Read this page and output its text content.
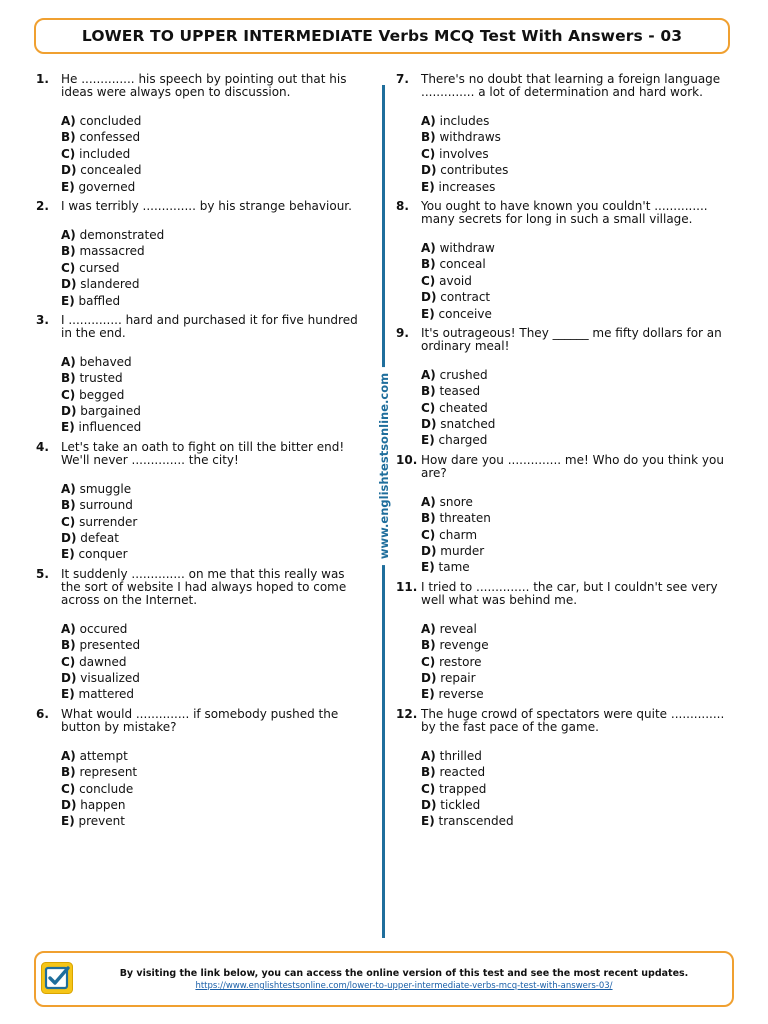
LOWER TO UPPER INTERMEDIATE Verbs MCQ Test With Answers - 03
1. He .............. his speech by pointing out that his ideas were always open to discussion.

A) concluded
B) confessed
C) included
D) concealed
E) governed
2. I was terribly .............. by his strange behaviour.

A) demonstrated
B) massacred
C) cursed
D) slandered
E) baffled
3. I .............. hard and purchased it for five hundred in the end.

A) behaved
B) trusted
C) begged
D) bargained
E) influenced
4. Let's take an oath to fight on till the bitter end! We'll never .............. the city!

A) smuggle
B) surround
C) surrender
D) defeat
E) conquer
5. It suddenly .............. on me that this really was the sort of website I had always hoped to come across on the Internet.

A) occured
B) presented
C) dawned
D) visualized
E) mattered
6. What would .............. if somebody pushed the button by mistake?

A) attempt
B) represent
C) conclude
D) happen
E) prevent
www.englishtestsonline.com
7. There's no doubt that learning a foreign language .............. a lot of determination and hard work.

A) includes
B) withdraws
C) involves
D) contributes
E) increases
8. You ought to have known you couldn't .............. many secrets for long in such a small village.

A) withdraw
B) conceal
C) avoid
D) contract
E) conceive
9. It's outrageous! They ______ me fifty dollars for an ordinary meal!

A) crushed
B) teased
C) cheated
D) snatched
E) charged
10. How dare you .............. me! Who do you think you are?

A) snore
B) threaten
C) charm
D) murder
E) tame
11. I tried to .............. the car, but I couldn't see very well what was behind me.

A) reveal
B) revenge
C) restore
D) repair
E) reverse
12. The huge crowd of spectators were quite .............. by the fast pace of the game.

A) thrilled
B) reacted
C) trapped
D) tickled
E) transcended
By visiting the link below, you can access the online version of this test and see the most recent updates.
https://www.englishtestsonline.com/lower-to-upper-intermediate-verbs-mcq-test-with-answers-03/
